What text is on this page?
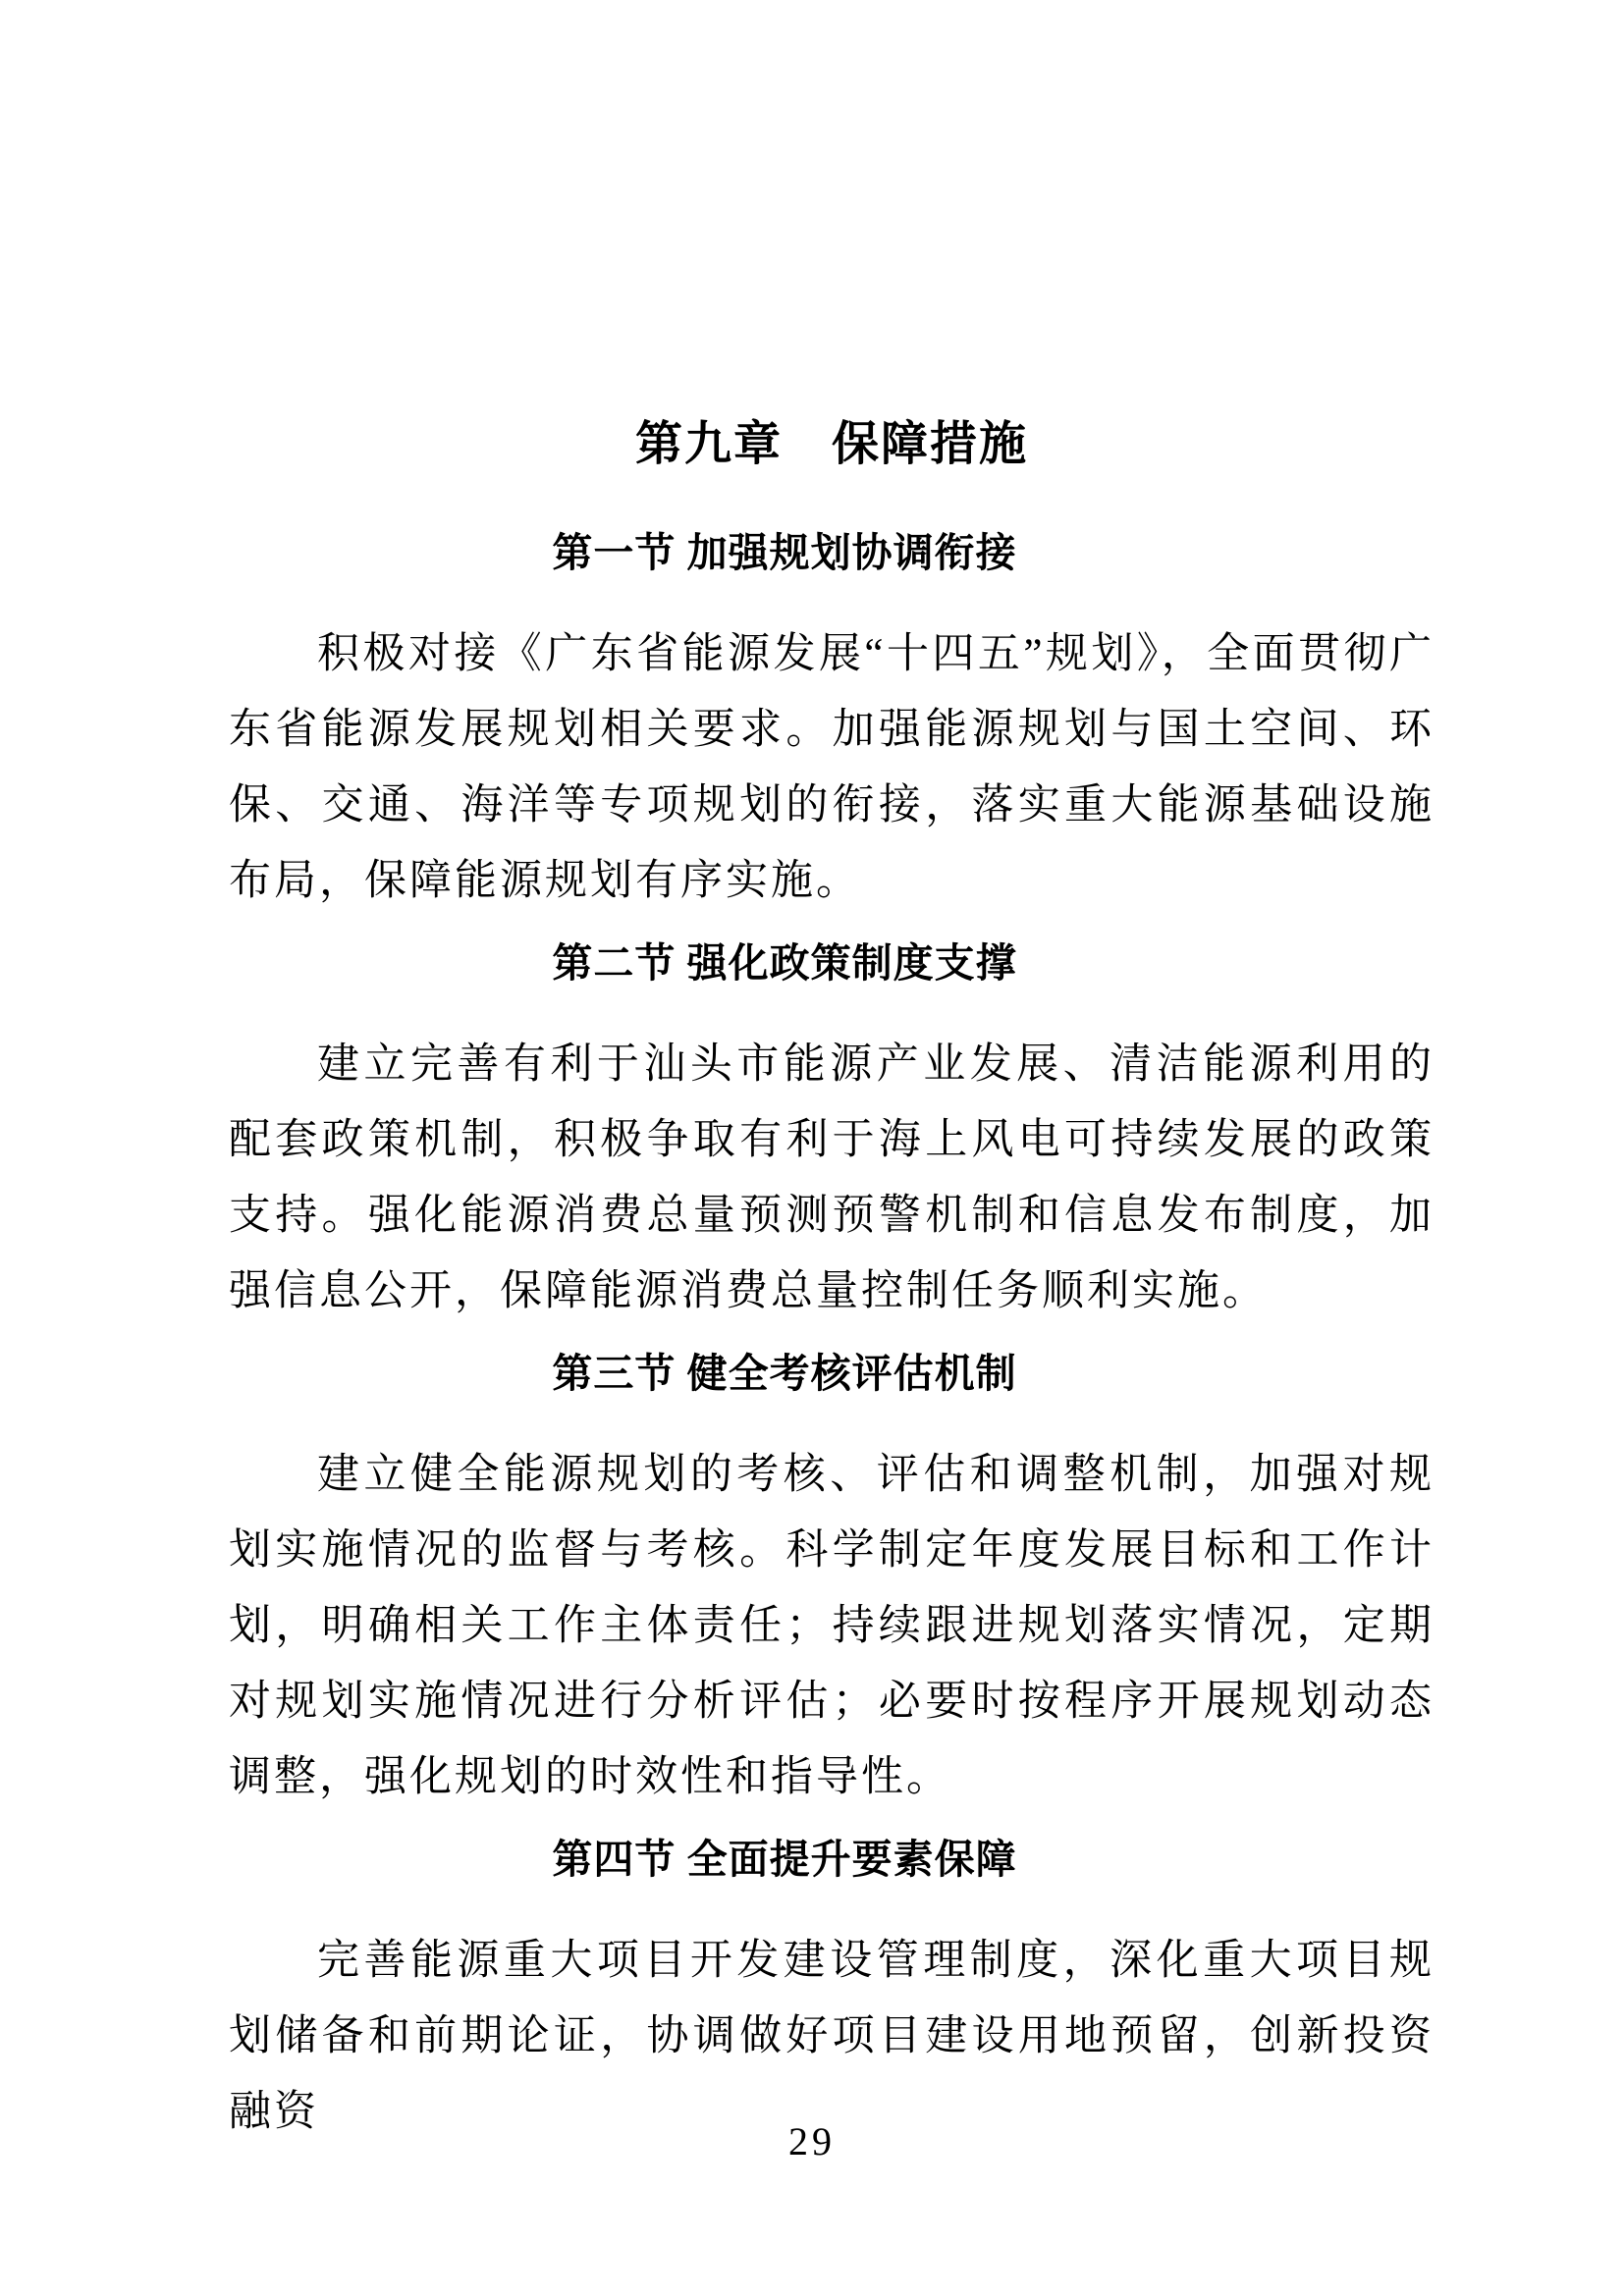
第九章　保障措施
第一节 加强规划协调衔接

积极对接《广东省能源发展“十四五”规划》，全面贯彻广东省能源发展规划相关要求。加强能源规划与国土空间、环保、交通、海洋等专项规划的衔接，落实重大能源基础设施布局，保障能源规划有序实施。

第二节 强化政策制度支撑

建立完善有利于汕头市能源产业发展、清洁能源利用的配套政策机制，积极争取有利于海上风电可持续发展的政策支持。强化能源消费总量预测预警机制和信息发布制度，加强信息公开，保障能源消费总量控制任务顺利实施。

第三节 健全考核评估机制

建立健全能源规划的考核、评估和调整机制，加强对规划实施情况的监督与考核。科学制定年度发展目标和工作计划，明确相关工作主体责任；持续跟进规划落实情况，定期对规划实施情况进行分析评估；必要时按程序开展规划动态调整，强化规划的时效性和指导性。

第四节 全面提升要素保障

完善能源重大项目开发建设管理制度，深化重大项目规划储备和前期论证，协调做好项目建设用地预留，创新投资融资

29
